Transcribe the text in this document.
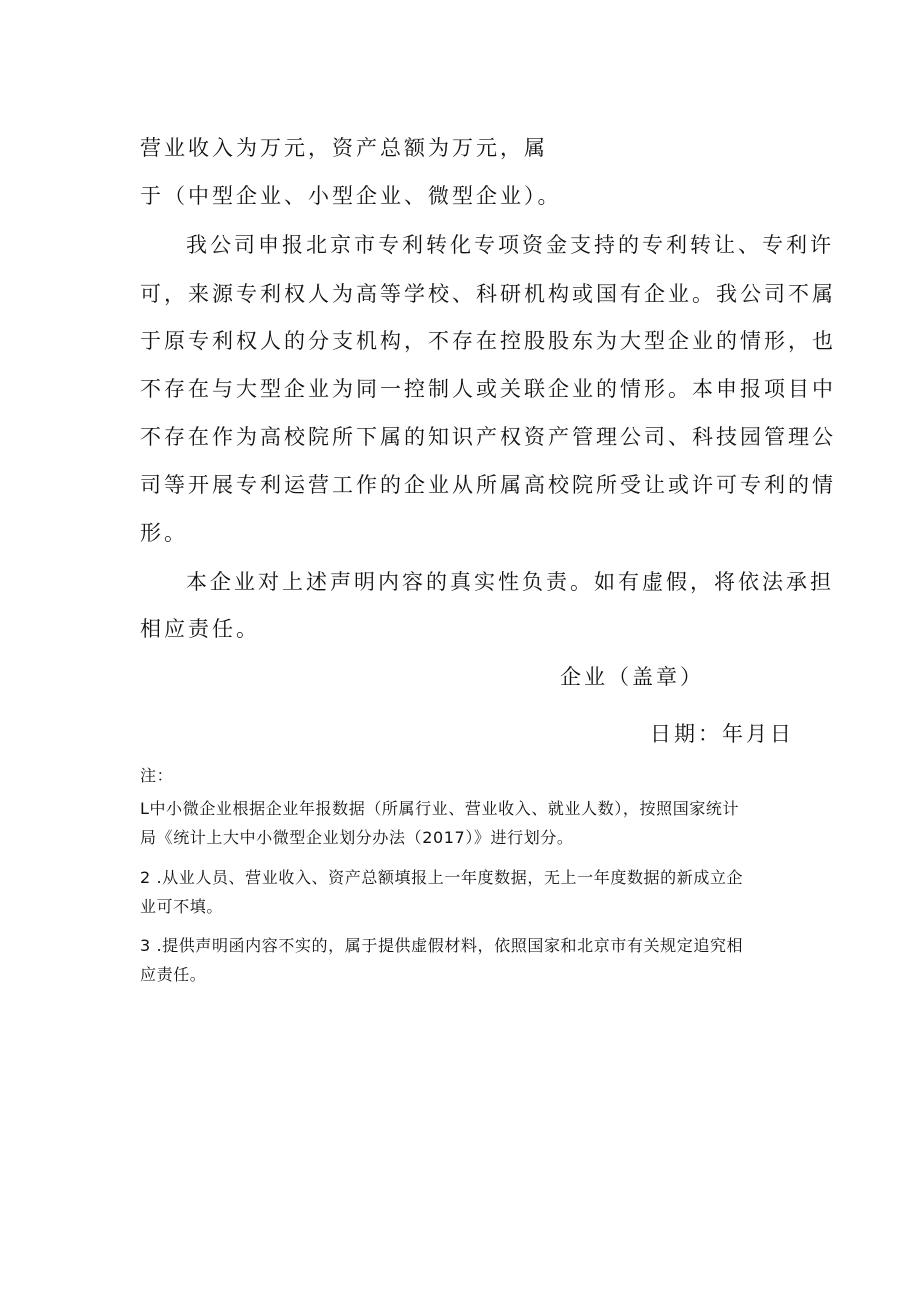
营业收入为万元，资产总额为万元，属
于（中型企业、小型企业、微型企业）。
我公司申报北京市专利转化专项资金支持的专利转让、专利许
可，来源专利权人为高等学校、科研机构或国有企业。我公司不属
于原专利权人的分支机构，不存在控股股东为大型企业的情形，也
不存在与大型企业为同一控制人或关联企业的情形。本申报项目中
不存在作为高校院所下属的知识产权资产管理公司、科技园管理公
司等开展专利运营工作的企业从所属高校院所受让或许可专利的情
形。
本企业对上述声明内容的真实性负责。如有虚假，将依法承担
相应责任。
企业（盖章）
日期：年月日
注：
L中小微企业根据企业年报数据（所属行业、营业收入、就业人数），按照国家统计
局《统计上大中小微型企业划分办法（2017）》进行划分。
2 .从业人员、营业收入、资产总额填报上一年度数据，无上一年度数据的新成立企
业可不填。
3 .提供声明函内容不实的，属于提供虚假材料，依照国家和北京市有关规定追究相
应责任。
